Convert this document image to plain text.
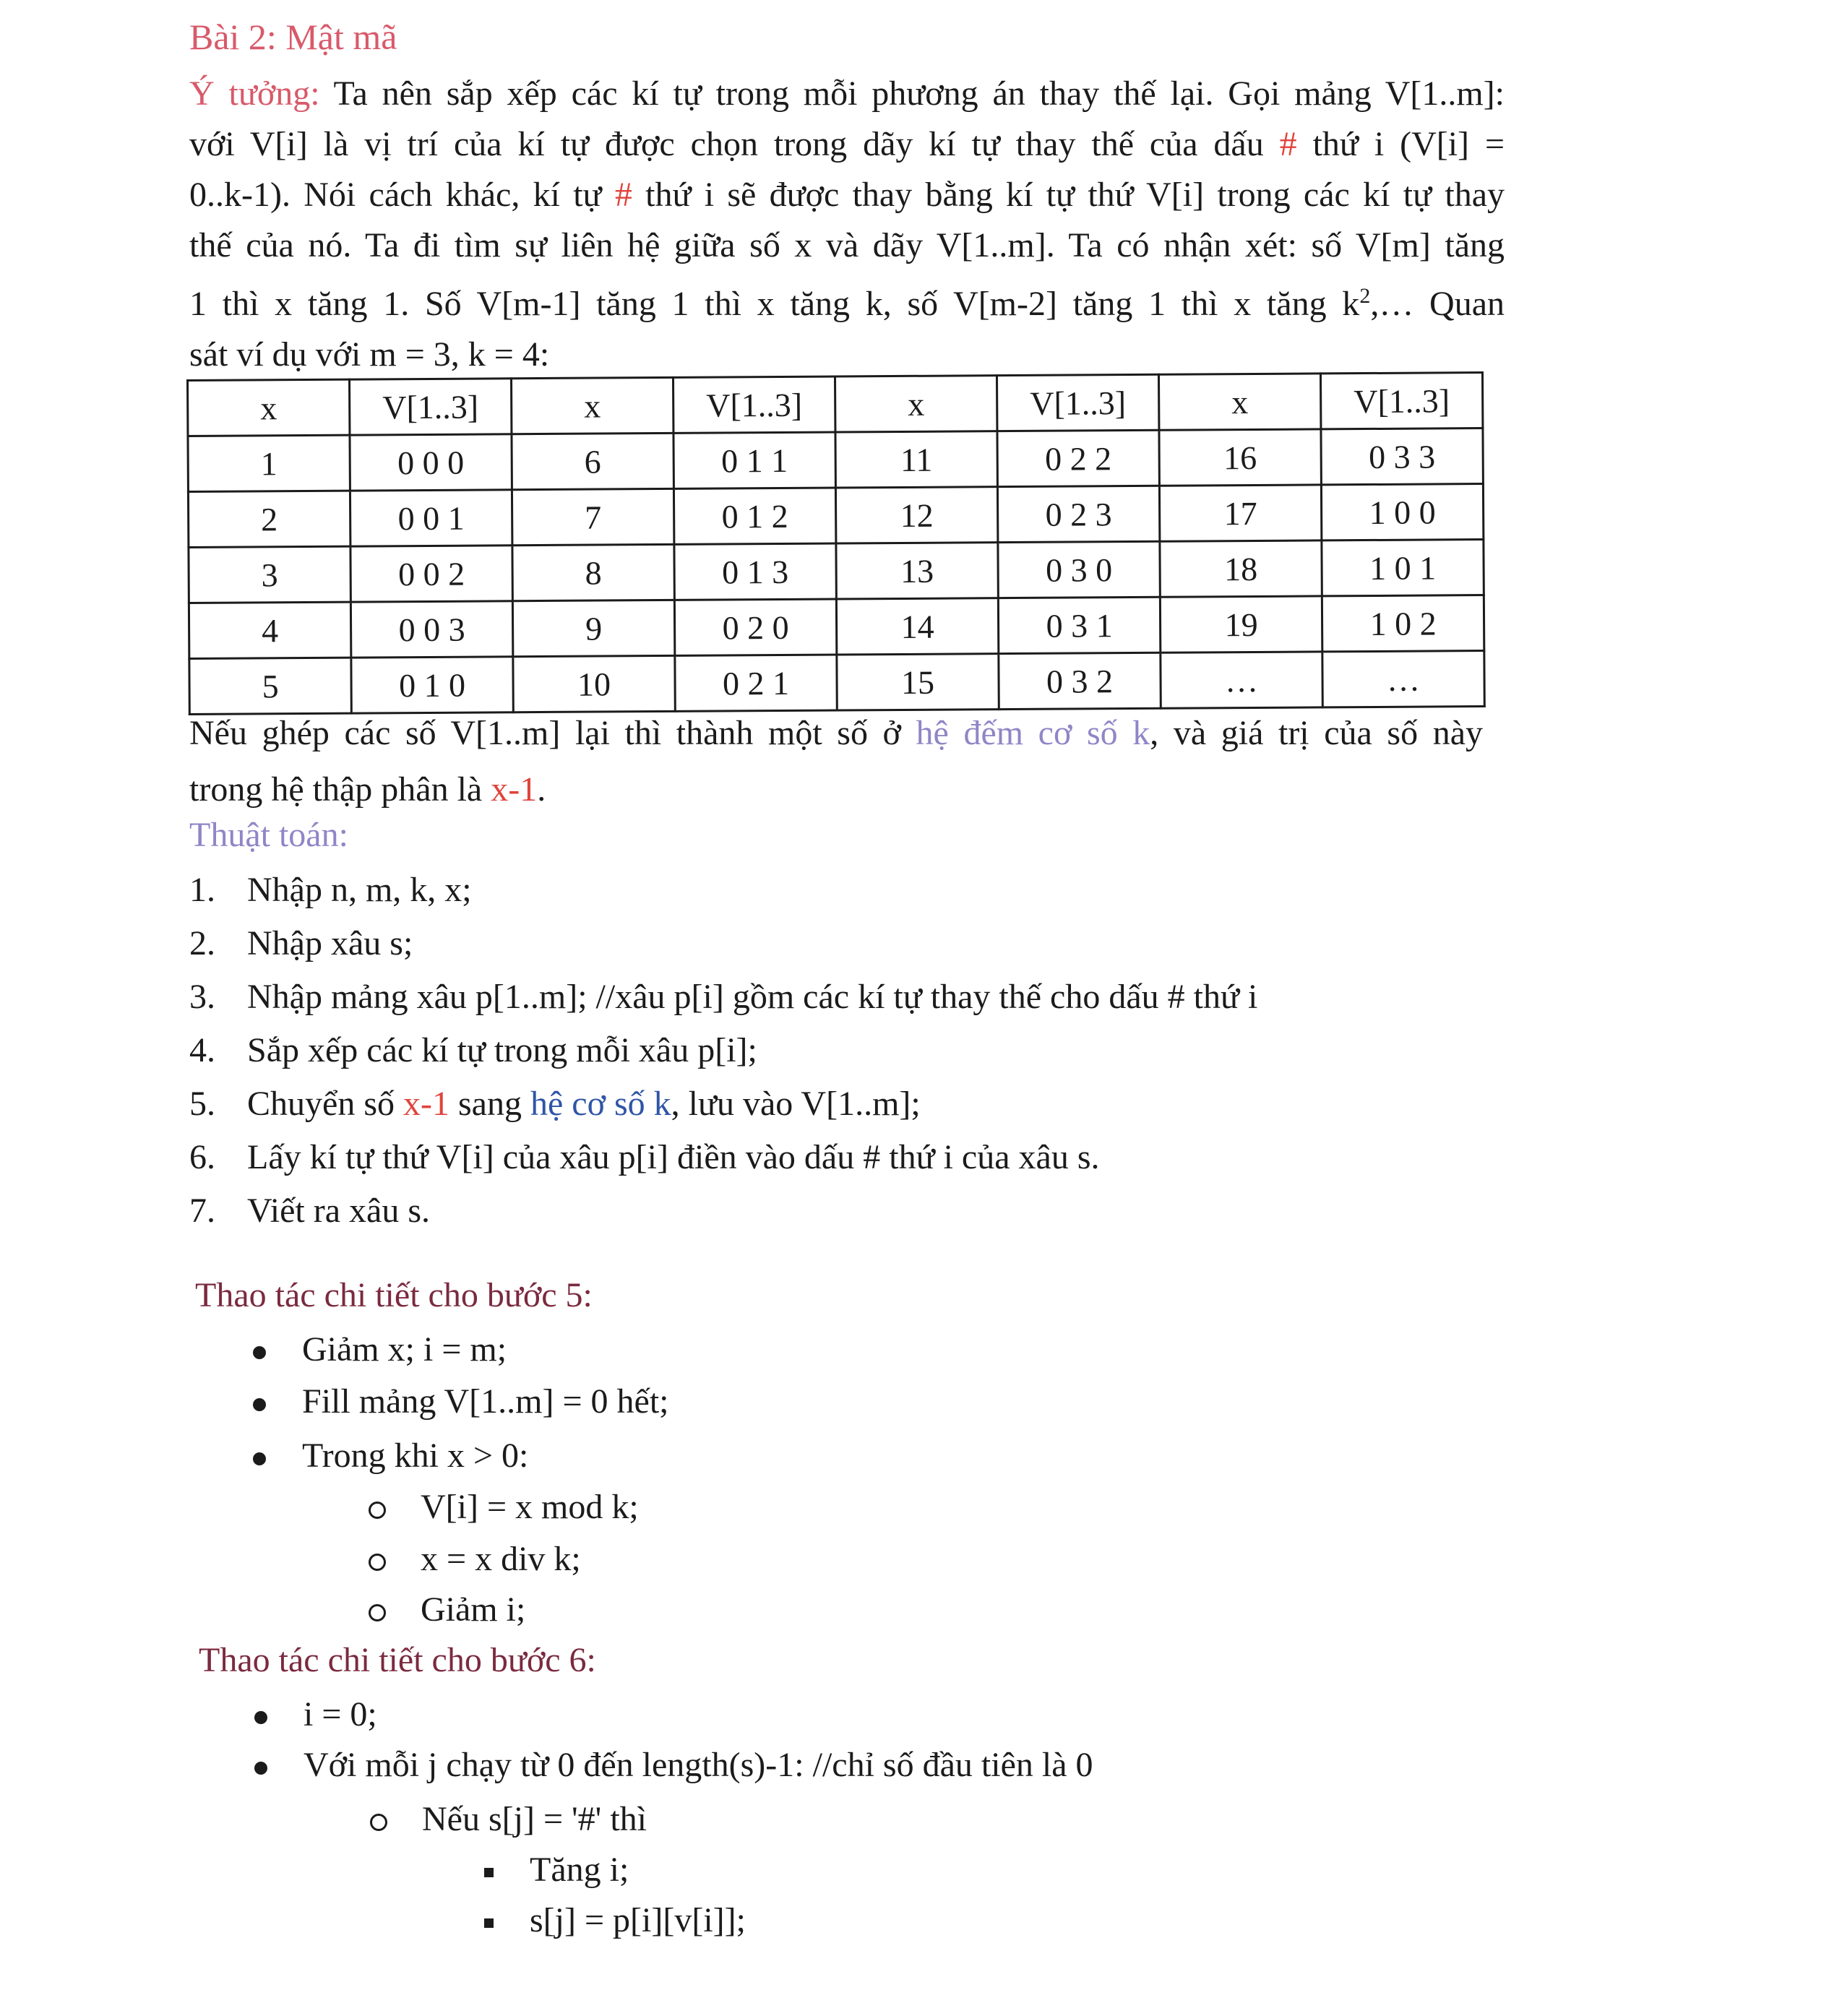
Bài 2: Mật mã
Ý tưởng: Ta nên sắp xếp các kí tự trong mỗi phương án thay thế lại. Gọi mảng V[1..m]:
với V[i] là vị trí của kí tự được chọn trong dãy kí tự thay thế của dấu # thứ i (V[i] =
0..k-1). Nói cách khác, kí tự # thứ i sẽ được thay bằng kí tự thứ V[i] trong các kí tự thay
thế của nó. Ta đi tìm sự liên hệ giữa số x và dãy V[1..m]. Ta có nhận xét: số V[m] tăng
1 thì x tăng 1. Số V[m-1] tăng 1 thì x tăng k, số V[m-2] tăng 1 thì x tăng $k^2,\dots$ Quan
sát ví dụ với m = 3, k = 4:
x	V[1..3]	x	V[1..3]	x	V[1..3]	x	V[1..3]
1	0 0 0	6	0 1 1	11	0 2 2	16	0 3 3
2	0 0 1	7	0 1 2	12	0 2 3	17	1 0 0
3	0 0 2	8	0 1 3	13	0 3 0	18	1 0 1
4	0 0 3	9	0 2 0	14	0 3 1	19	1 0 2
5	0 1 0	10	0 2 1	15	0 3 2	…	…
Nếu ghép các số V[1..m] lại thì thành một số ở hệ đếm cơ số k, và giá trị của số này
trong hệ thập phân là x-1.
Thuật toán:
1. Nhập n, m, k, x;
2. Nhập xâu s;
3. Nhập mảng xâu p[1..m]; //xâu p[i] gồm các kí tự thay thế cho dấu # thứ i
4. Sắp xếp các kí tự trong mỗi xâu p[i];
5. Chuyển số x-1 sang hệ cơ số k, lưu vào V[1..m];
6. Lấy kí tự thứ V[i] của xâu p[i] điền vào dấu # thứ i của xâu s.
7. Viết ra xâu s.
Thao tác chi tiết cho bước 5:
Giảm x; i = m;
Fill mảng V[1..m] = 0 hết;
Trong khi x > 0:
V[i] = x mod k;
x = x div k;
Giảm i;
Thao tác chi tiết cho bước 6:
i = 0;
Với mỗi j chạy từ 0 đến length(s)-1: //chỉ số đầu tiên là 0
Nếu s[j] = '#' thì
Tăng i;
s[j] = p[i][v[i]];
